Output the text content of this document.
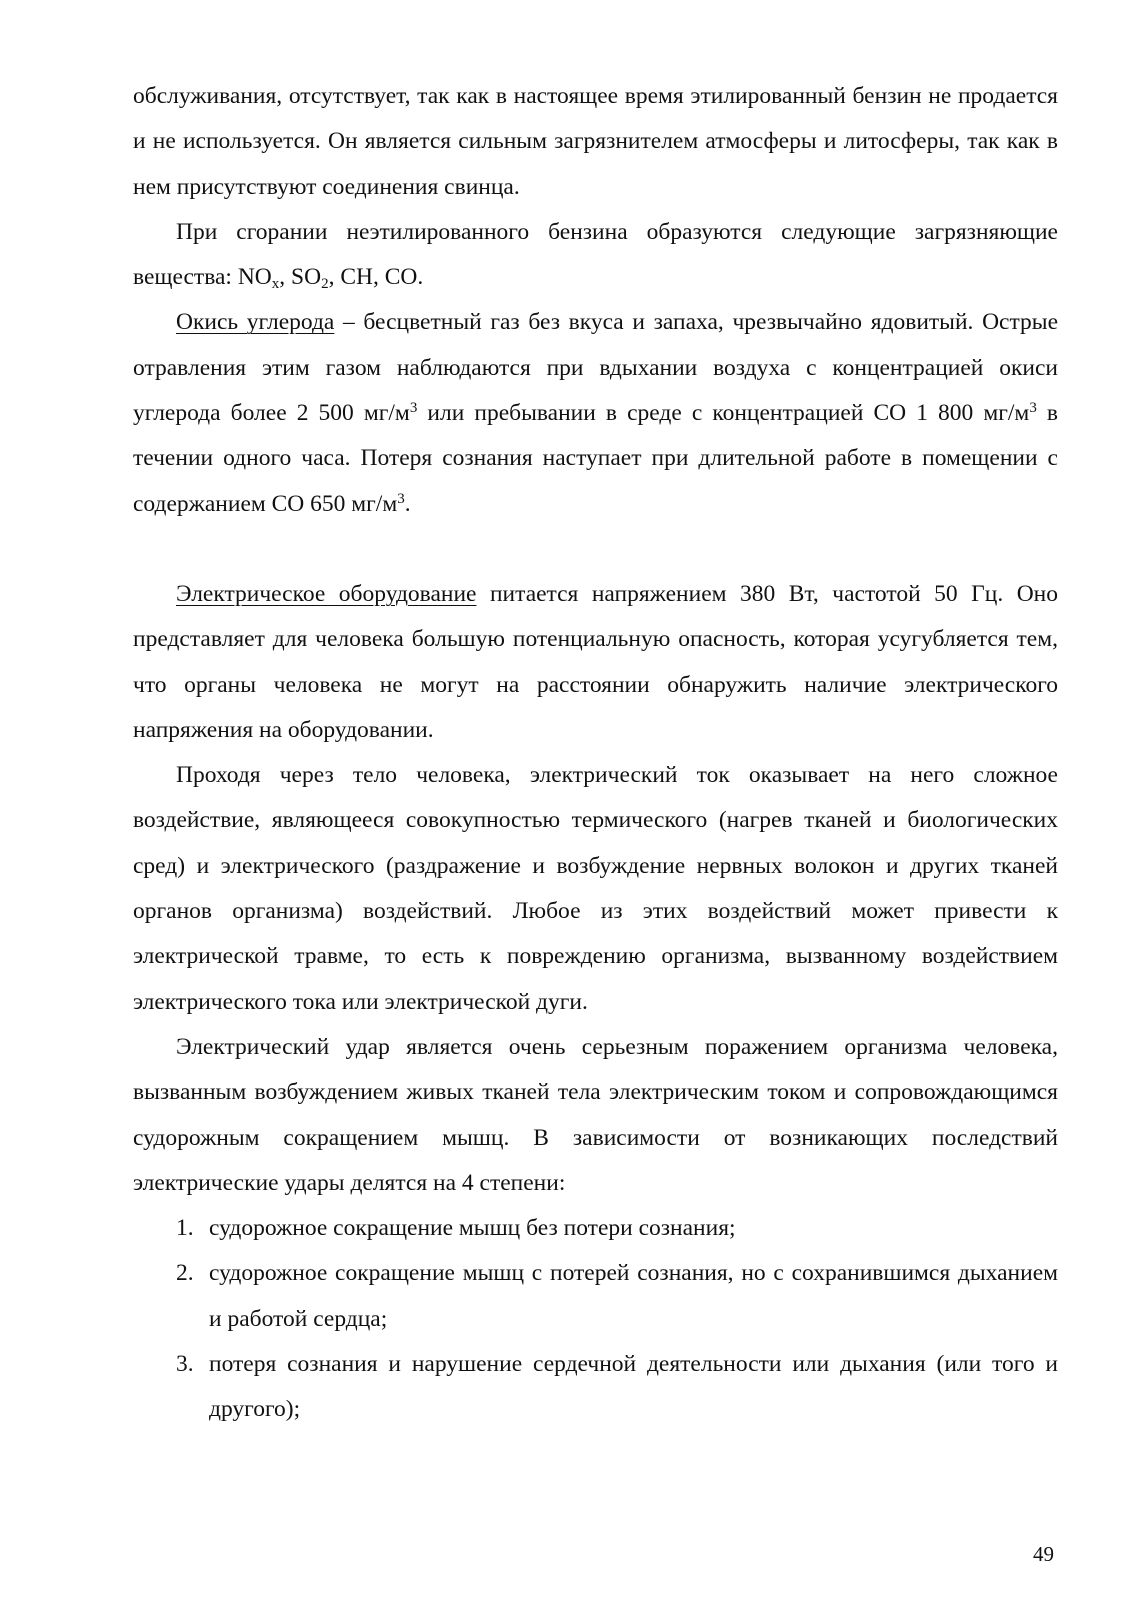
обслуживания, отсутствует, так как в настоящее время этилированный бензин не продается и не используется. Он является сильным загрязнителем атмосферы и литосферы, так как в нем присутствуют соединения свинца.

При сгорании неэтилированного бензина образуются следующие загрязняющие вещества: $NO_x$, $SO_2$, CH, CO.

Окись углерода – бесцветный газ без вкуса и запаха, чрезвычайно ядовитый. Острые отравления этим газом наблюдаются при вдыхании воздуха с концентрацией окиси углерода более 2 500 $мг/м^3$ или пребывании в среде с концентрацией CO 1 800 $мг/м^3$ в течении одного часа. Потеря сознания наступает при длительной работе в помещении с содержанием CO 650 $мг/м^3$.

Электрическое оборудование питается напряжением 380 Вт, частотой 50 Гц. Оно представляет для человека большую потенциальную опасность, которая усугубляется тем, что органы человека не могут на расстоянии обнаружить наличие электрического напряжения на оборудовании.

Проходя через тело человека, электрический ток оказывает на него сложное воздействие, являющееся совокупностью термического (нагрев тканей и биологических сред) и электрического (раздражение и возбуждение нервных волокон и других тканей органов организма) воздействий. Любое из этих воздействий может привести к электрической травме, то есть к повреждению организма, вызванному воздействием электрического тока или электрической дуги.

Электрический удар является очень серьезным поражением организма человека, вызванным возбуждением живых тканей тела электрическим током и сопровождающимся судорожным сокращением мышц. В зависимости от возникающих последствий электрические удары делятся на 4 степени:

1. судорожное сокращение мышц без потери сознания;
2. судорожное сокращение мышц с потерей сознания, но с сохранившимся дыханием и работой сердца;
3. потеря сознания и нарушение сердечной деятельности или дыхания (или того и другого);
49
